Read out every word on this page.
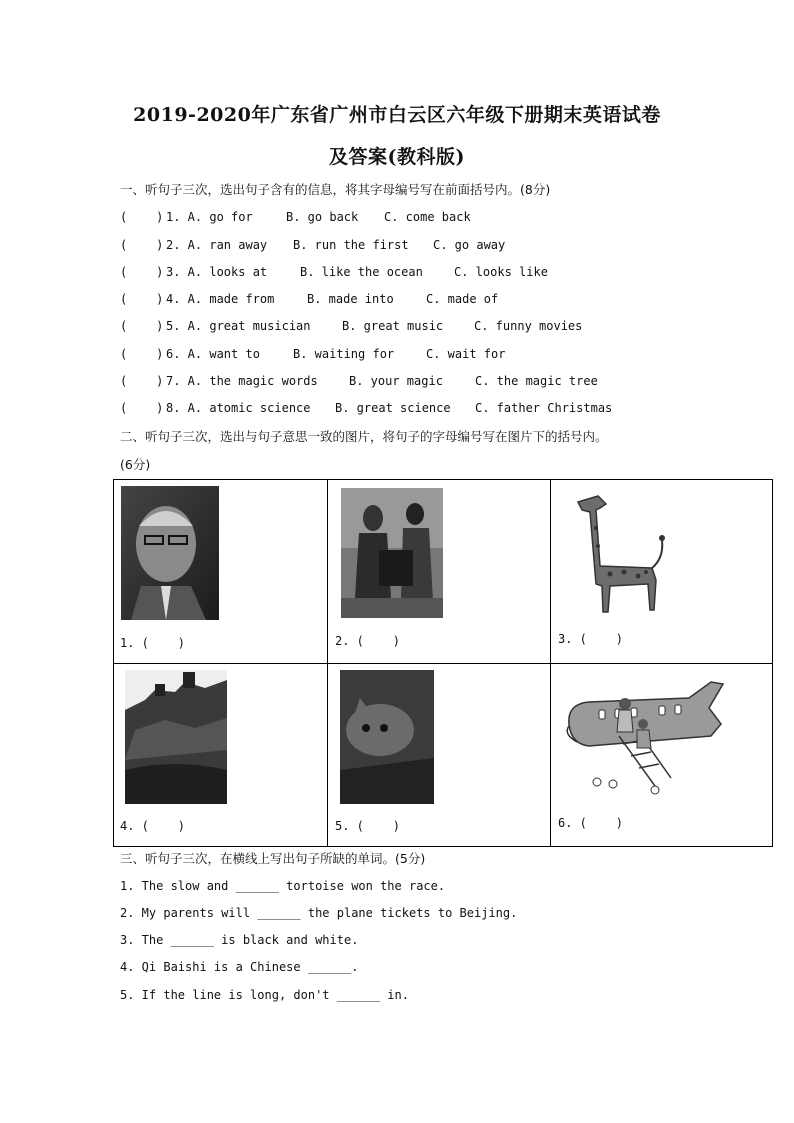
2019-2020年广东省广州市白云区六年级下册期末英语试卷
及答案(教科版)
一、听句子三次，选出句子含有的信息，将其字母编号写在前面括号内。(8分)
(    ) 1. A. go for	B. go back C. come back
(    ) 2. A. ran away B. run the first C. go away
(    ) 3. A. looks at	B. like the ocean	C. looks like
(    ) 4. A. made from	B. made into	C. made of
(    ) 5. A. great musician	B. great music	C. funny movies
(    ) 6. A. want to	B. waiting for	C. wait for
(    ) 7. A. the magic words	B. your magic	C. the magic tree
(    ) 8. A. atomic science B. great science C. father Christmas
二、听句子三次，选出与句子意思一致的图片，将句子的字母编号写在图片下的括号内。
(6分)
1. (    )	2. (    )	3. (    )
4. (    )	5. (    )	6. (    )
三、听句子三次，在横线上写出句子所缺的单词。(5分)
1. The slow and ______ tortoise won the race.
2. My parents will ______ the plane tickets to Beijing.
3. The ______ is black and white.
4. Qi Baishi is a Chinese ______.
5. If the line is long, don't ______ in.
